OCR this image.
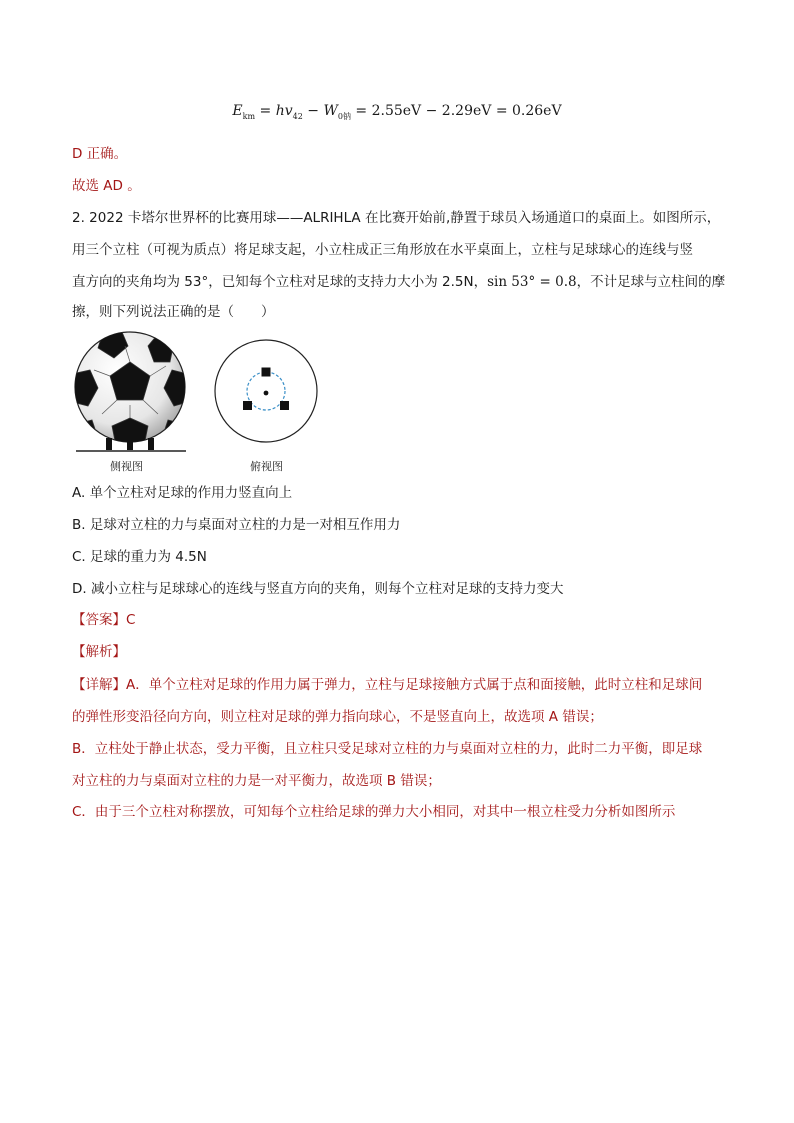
$E_{km} = hv_{42} - W_{0钠} = 2.55eV - 2.29eV = 0.26eV$
D 正确。
故选 AD 。
2. 2022 卡塔尔世界杯的比赛用球——ALRIHLA 在比赛开始前,静置于球员入场通道口的桌面上。如图所示，
用三个立柱（可视为质点）将足球支起，小立柱成正三角形放在水平桌面上，立柱与足球球心的连线与竖
直方向的夹角均为 53°，已知每个立柱对足球的支持力大小为 2.5N，sin 53° = 0.8，不计足球与立柱间的摩
擦，则下列说法正确的是（　　）
侧视图	俯视图
A. 单个立柱对足球的作用力竖直向上
B. 足球对立柱的力与桌面对立柱的力是一对相互作用力
C. 足球的重力为 4.5N
D. 减小立柱与足球球心的连线与竖直方向的夹角，则每个立柱对足球的支持力变大
【答案】C
【解析】
【详解】A．单个立柱对足球的作用力属于弹力，立柱与足球接触方式属于点和面接触，此时立柱和足球间
的弹性形变沿径向方向，则立柱对足球的弹力指向球心，不是竖直向上，故选项 A 错误；
B．立柱处于静止状态，受力平衡，且立柱只受足球对立柱的力与桌面对立柱的力，此时二力平衡，即足球
对立柱的力与桌面对立柱的力是一对平衡力，故选项 B 错误；
C．由于三个立柱对称摆放，可知每个立柱给足球的弹力大小相同，对其中一根立柱受力分析如图所示
